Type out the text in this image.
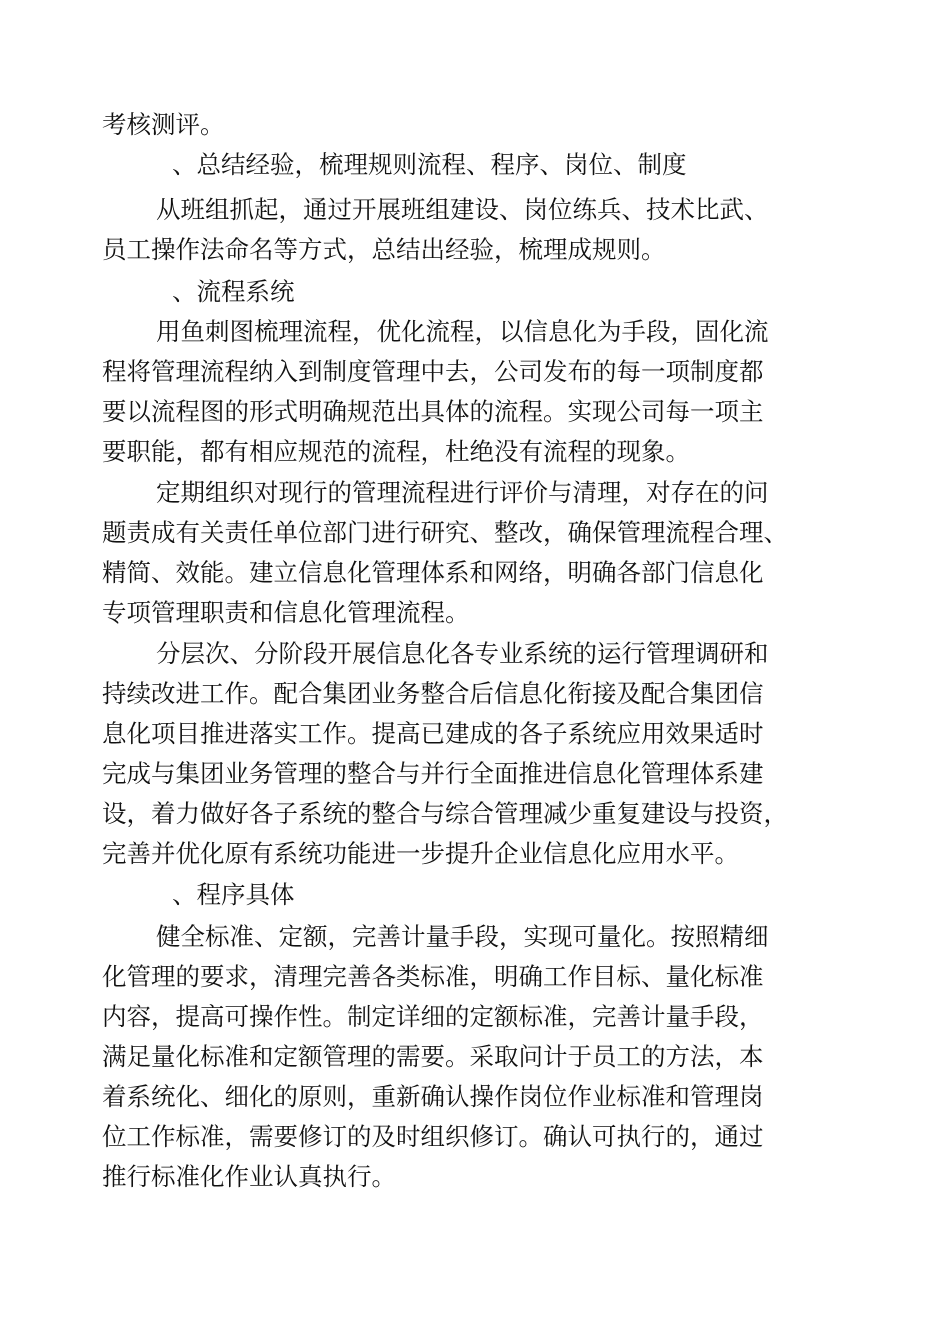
考核测评。
、总结经验，梳理规则流程、程序、岗位、制度
从班组抓起，通过开展班组建设、岗位练兵、技术比武、
员工操作法命名等方式，总结出经验，梳理成规则。
、流程系统
用鱼刺图梳理流程，优化流程，以信息化为手段，固化流
程将管理流程纳入到制度管理中去，公司发布的每一项制度都
要以流程图的形式明确规范出具体的流程。实现公司每一项主
要职能，都有相应规范的流程，杜绝没有流程的现象。
定期组织对现行的管理流程进行评价与清理，对存在的问
题责成有关责任单位部门进行研究、整改，确保管理流程合理、
精简、效能。建立信息化管理体系和网络，明确各部门信息化
专项管理职责和信息化管理流程。
分层次、分阶段开展信息化各专业系统的运行管理调研和
持续改进工作。配合集团业务整合后信息化衔接及配合集团信
息化项目推进落实工作。提高已建成的各子系统应用效果适时
完成与集团业务管理的整合与并行全面推进信息化管理体系建
设，着力做好各子系统的整合与综合管理减少重复建设与投资，
完善并优化原有系统功能进一步提升企业信息化应用水平。
、程序具体
健全标准、定额，完善计量手段，实现可量化。按照精细
化管理的要求，清理完善各类标准，明确工作目标、量化标准
内容，提高可操作性。制定详细的定额标准，完善计量手段，
满足量化标准和定额管理的需要。采取问计于员工的方法，本
着系统化、细化的原则，重新确认操作岗位作业标准和管理岗
位工作标准，需要修订的及时组织修订。确认可执行的，通过
推行标准化作业认真执行。
